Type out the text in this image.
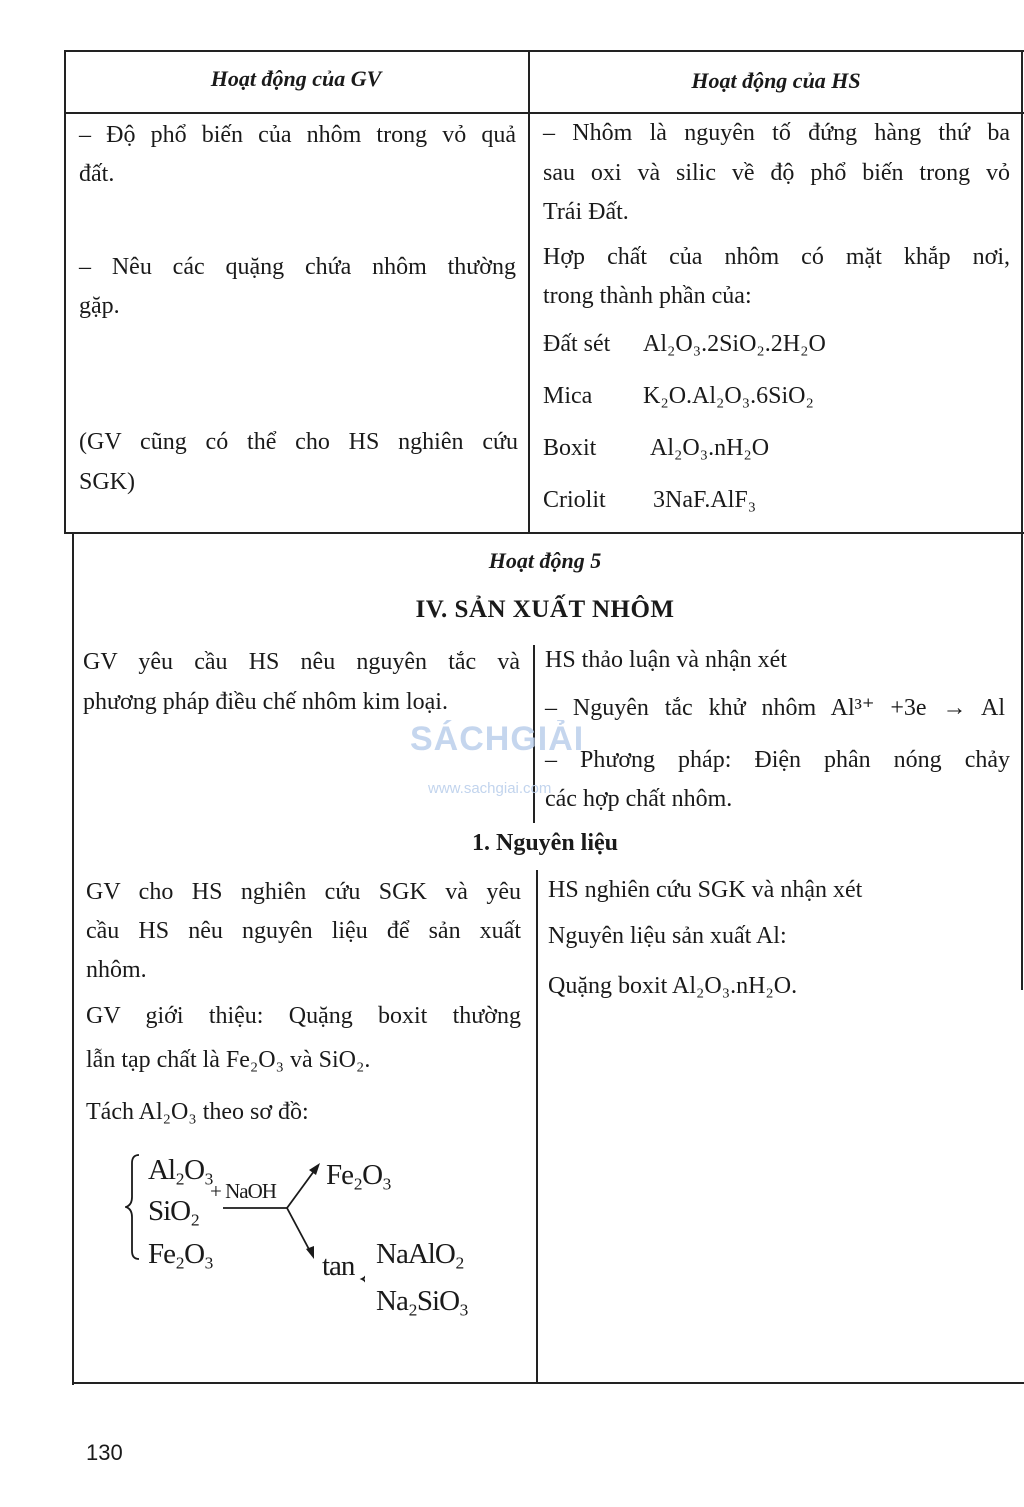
Hoạt động của GV	Hoạt động của HS
– Độ phổ biến của nhôm trong vỏ quả
đất.
– Nêu các quặng chứa nhôm thường
gặp.
(GV cũng có thể cho HS nghiên cứu
SGK)
– Nhôm là nguyên tố đứng hàng thứ ba
sau oxi và silic về độ phổ biến trong vỏ
Trái Đất.
Hợp chất của nhôm có mặt khắp nơi,
trong thành phần của:
Đất sét Al₂O₃.2SiO₂.2H₂O
Mica K₂O.Al₂O₃.6SiO₂
Boxit Al₂O₃.nH₂O
Criolit 3NaF.AlF₃
Hoạt động 5
IV. SẢN XUẤT NHÔM
GV yêu cầu HS nêu nguyên tắc và
phương pháp điều chế nhôm kim loại.
HS thảo luận và nhận xét
– Nguyên tắc khử nhôm Al³⁺ +3e → Al
– Phương pháp: Điện phân nóng chảy
các hợp chất nhôm.
SÁCHGIẢI
www.sachgiai.com
1. Nguyên liệu
GV cho HS nghiên cứu SGK và yêu
cầu HS nêu nguyên liệu để sản xuất
nhôm.
GV giới thiệu: Quặng boxit thường
lẫn tạp chất là Fe₂O₃ và SiO₂.
Tách Al₂O₃ theo sơ đồ:
HS nghiên cứu SGK và nhận xét
Nguyên liệu sản xuất Al:
Quặng boxit Al₂O₃.nH₂O.
Al₂O₃
SiO₂
Fe₂O₃
+ NaOH Fe₂O₃
tan NaAlO₂
Na₂SiO₃
130
